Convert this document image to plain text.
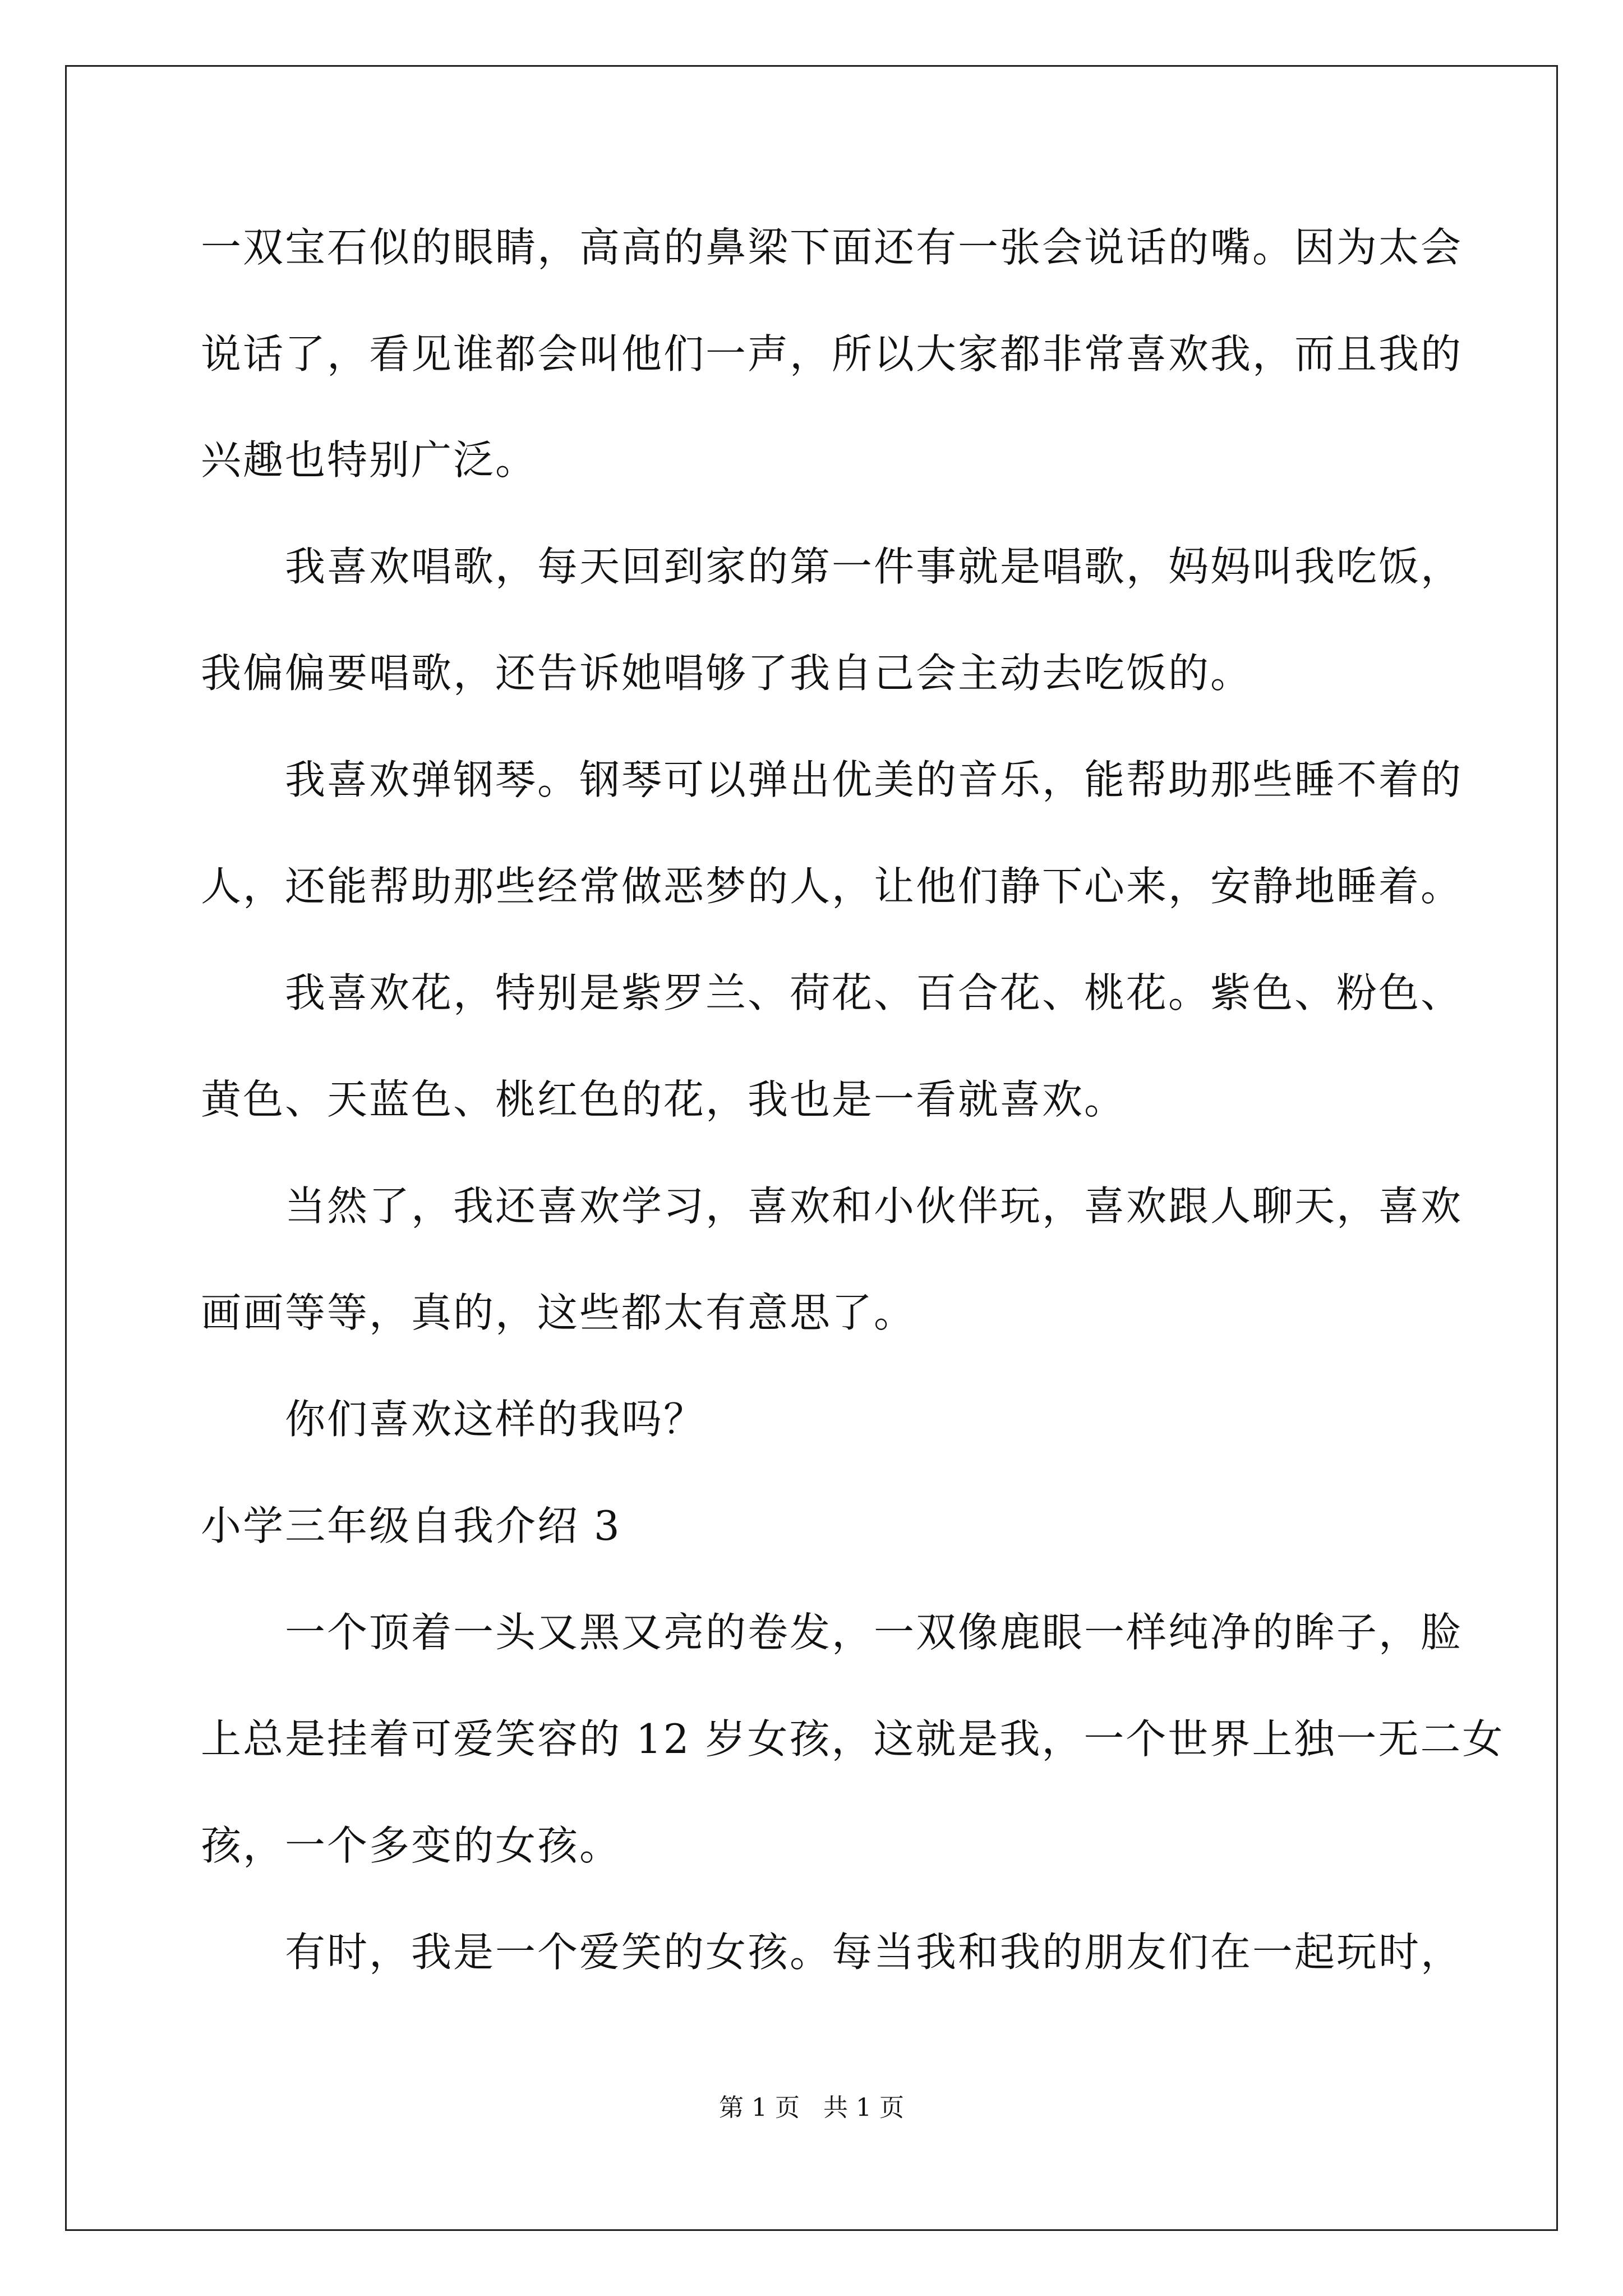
一双宝石似的眼睛，高高的鼻梁下面还有一张会说话的嘴。因为太会
说话了，看见谁都会叫他们一声，所以大家都非常喜欢我，而且我的
兴趣也特别广泛。
　　我喜欢唱歌，每天回到家的第一件事就是唱歌，妈妈叫我吃饭，
我偏偏要唱歌，还告诉她唱够了我自己会主动去吃饭的。
　　我喜欢弹钢琴。钢琴可以弹出优美的音乐，能帮助那些睡不着的
人，还能帮助那些经常做恶梦的人，让他们静下心来，安静地睡着。
　　我喜欢花，特别是紫罗兰、荷花、百合花、桃花。紫色、粉色、
黄色、天蓝色、桃红色的花，我也是一看就喜欢。
　　当然了，我还喜欢学习，喜欢和小伙伴玩，喜欢跟人聊天，喜欢
画画等等，真的，这些都太有意思了。
　　你们喜欢这样的我吗？
小学三年级自我介绍 3
　　一个顶着一头又黑又亮的卷发，一双像鹿眼一样纯净的眸子，脸
上总是挂着可爱笑容的 12 岁女孩，这就是我，一个世界上独一无二女
孩，一个多变的女孩。
　　有时，我是一个爱笑的女孩。每当我和我的朋友们在一起玩时，
第 1 页   共 1 页
